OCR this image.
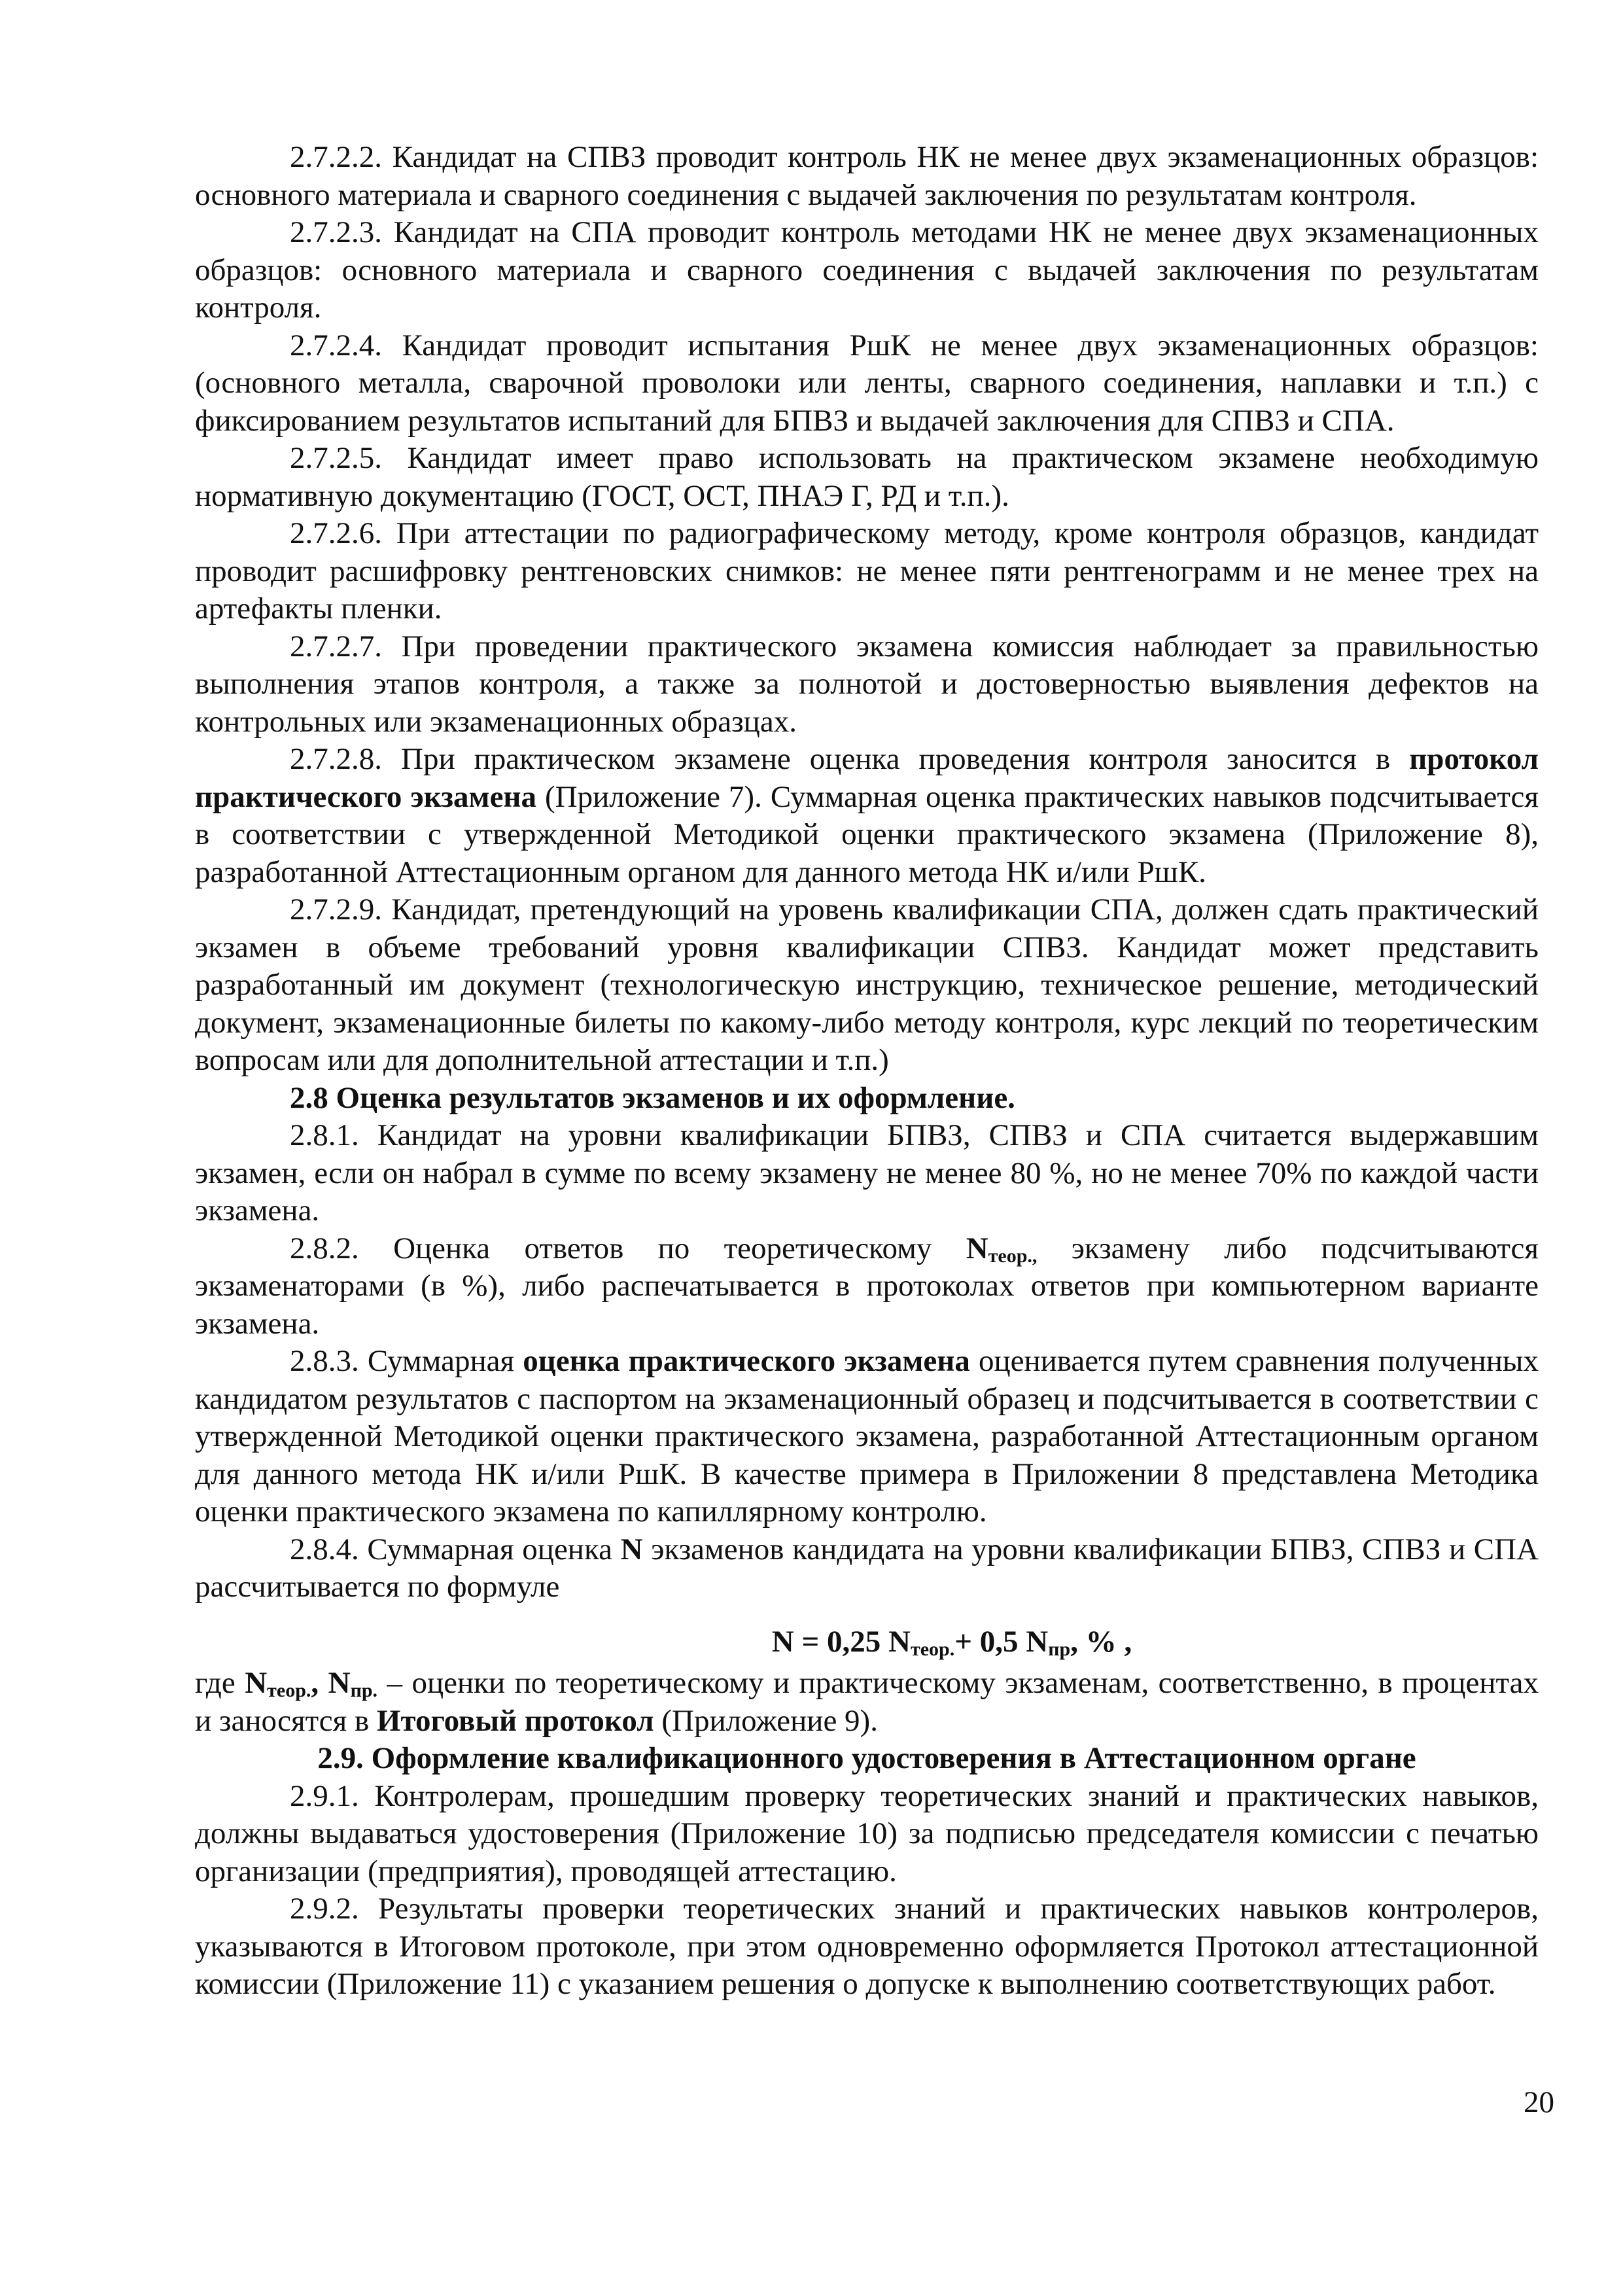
2.7.2.2. Кандидат на СПВЗ проводит контроль НК не менее двух экзаменационных образцов: основного материала и сварного соединения с выдачей заключения по результатам контроля.

2.7.2.3. Кандидат на СПА проводит контроль методами НК не менее двух экзаменационных образцов: основного материала и сварного соединения с выдачей заключения по результатам контроля.

2.7.2.4. Кандидат проводит испытания РшК не менее двух экзаменационных образцов: (основного металла, сварочной проволоки или ленты, сварного соединения, наплавки и т.п.) с фиксированием результатов испытаний для БПВЗ и выдачей заключения для СПВЗ и СПА.

2.7.2.5. Кандидат имеет право использовать на практическом экзамене необходимую нормативную документацию (ГОСТ, ОСТ, ПНАЭ Г, РД и т.п.).

2.7.2.6. При аттестации по радиографическому методу, кроме контроля образцов, кандидат проводит расшифровку рентгеновских снимков: не менее пяти рентгенограмм и не менее трех на артефакты пленки.

2.7.2.7. При проведении практического экзамена комиссия наблюдает за правильностью выполнения этапов контроля, а также за полнотой и достоверностью выявления дефектов на контрольных или экзаменационных образцах.

2.7.2.8. При практическом экзамене оценка проведения контроля заносится в протокол практического экзамена (Приложение 7). Суммарная оценка практических навыков подсчитывается в соответствии с утвержденной Методикой оценки практического экзамена (Приложение 8), разработанной Аттестационным органом для данного метода НК и/или РшК.

2.7.2.9. Кандидат, претендующий на уровень квалификации СПА, должен сдать практический экзамен в объеме требований уровня квалификации СПВЗ. Кандидат может представить разработанный им документ (технологическую инструкцию, техническое решение, методический документ, экзаменационные билеты по какому-либо методу контроля, курс лекций по теоретическим вопросам или для дополнительной аттестации и т.п.)

2.8 Оценка результатов экзаменов и их оформление.

2.8.1. Кандидат на уровни квалификации БПВЗ, СПВЗ и СПА считается выдержавшим экзамен, если он набрал в сумме по всему экзамену не менее 80 %, но не менее 70% по каждой части экзамена.

2.8.2. Оценка ответов по теоретическому $N_{теор.,}$ экзамену либо подсчитываются экзаменаторами (в %), либо распечатывается в протоколах ответов при компьютерном варианте экзамена.

2.8.3. Суммарная оценка практического экзамена оценивается путем сравнения полученных кандидатом результатов с паспортом на экзаменационный образец и подсчитывается в соответствии с утвержденной Методикой оценки практического экзамена, разработанной Аттестационным органом для данного метода НК и/или РшК. В качестве примера в Приложении 8 представлена Методика оценки практического экзамена по капиллярному контролю.

2.8.4. Суммарная оценка N экзаменов кандидата на уровни квалификации БПВЗ, СПВЗ и СПА рассчитывается по формуле

N = 0,25 $N_{теор.}+ 0,5$ $N_{пр}$, % ,

где $N_{теор.}$, $N_{пр.}$ – оценки по теоретическому и практическому экзаменам, соответственно, в процентах и заносятся в Итоговый протокол (Приложение 9).

2.9. Оформление квалификационного удостоверения в Аттестационном органе

2.9.1. Контролерам, прошедшим проверку теоретических знаний и практических навыков, должны выдаваться удостоверения (Приложение 10) за подписью председателя комиссии с печатью организации (предприятия), проводящей аттестацию.

2.9.2. Результаты проверки теоретических знаний и практических навыков контролеров, указываются в Итоговом протоколе, при этом одновременно оформляется Протокол аттестационной комиссии (Приложение 11) с указанием решения о допуске к выполнению соответствующих работ.

20
